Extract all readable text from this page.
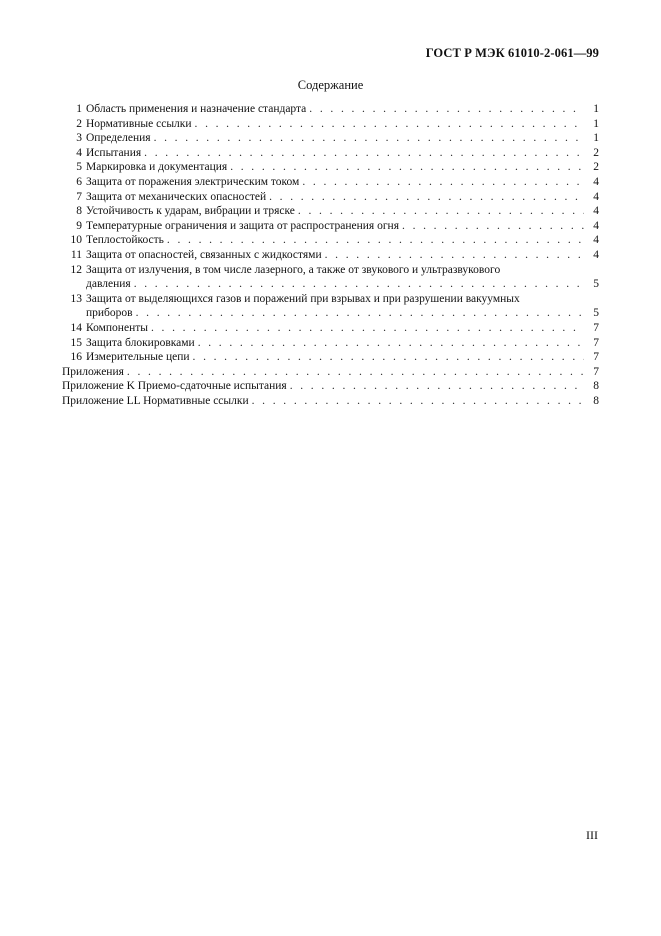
ГОСТ Р МЭК 61010-2-061—99
Содержание
1 Область применения и назначение стандарта . . .	1
2 Нормативные ссылки . . .	1
3 Определения . . .	1
4 Испытания . . .	2
5 Маркировка и документация . . .	2
6 Защита от поражения электрическим током . . .	4
7 Защита от механических опасностей . . .	4
8 Устойчивость к ударам, вибрации и тряске . . .	4
9 Температурные ограничения и защита от распространения огня . . .	4
10 Теплостойкость . . .	4
11 Защита от опасностей, связанных с жидкостями . . .	4
12 Защита от излучения, в том числе лазерного, а также от звукового и ультразвукового
давления . . .	5
13 Защита от выделяющихся газов и поражений при взрывах и при разрушении вакуумных
приборов . . .	5
14 Компоненты . . .	7
15 Защита блокировками . . .	7
16 Измерительные цепи . . .	7
Приложения . . .	7
Приложение K Приемо-сдаточные испытания . . .	8
Приложение LL Нормативные ссылки . . .	8
III
